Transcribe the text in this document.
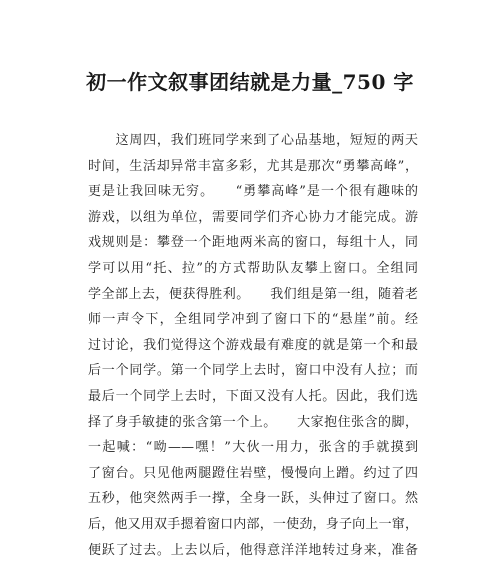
初一作文叙事团结就是力量_750 字
　　这周四，我们班同学来到了心品基地，短短的两天
时间，生活却异常丰富多彩，尤其是那次“勇攀高峰”，
更是让我回味无穷。　　“勇攀高峰”是一个很有趣味的
游戏，以组为单位，需要同学们齐心协力才能完成。游
戏规则是：攀登一个距地两米高的窗口，每组十人，同
学可以用“托、拉”的方式帮助队友攀上窗口。全组同
学全部上去，便获得胜利。　　我们组是第一组，随着老
师一声令下，全组同学冲到了窗口下的“悬崖”前。经
过讨论，我们觉得这个游戏最有难度的就是第一个和最
后一个同学。第一个同学上去时，窗口中没有人拉；而
最后一个同学上去时，下面又没有人托。因此，我们选
择了身手敏捷的张含第一个上。　　大家抱住张含的脚，
一起喊：“呦——嘿！”大伙一用力，张含的手就摸到
了窗台。只见他两腿蹬住岩壁，慢慢向上蹭。约过了四
五秒，他突然两手一撑，全身一跃，头伸过了窗口。然
后，他又用双手摁着窗口内部，一使劲，身子向上一窜，
便跃了过去。上去以后，他得意洋洋地转过身来，准备
